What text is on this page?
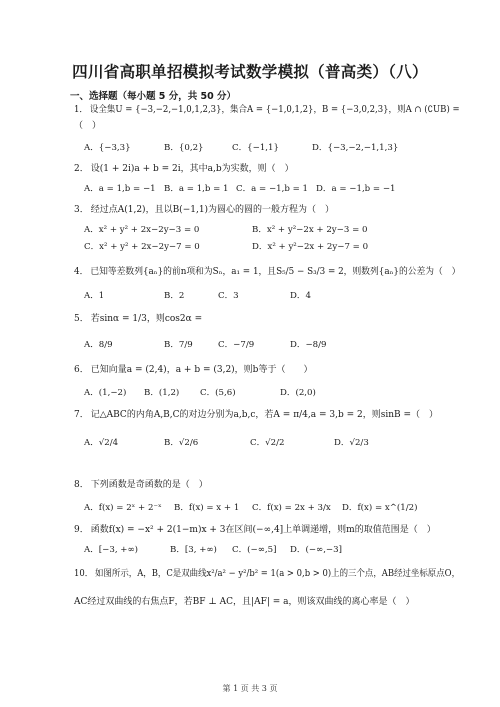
四川省高职单招模拟考试数学模拟（普高类）（八）
一、选择题（每小题 5 分，共 50 分）
1． 设全集U = {−3,−2,−1,0,1,2,3}，集合A = {−1,0,1,2}，B = {−3,0,2,3}，则A ∩ (∁UB) =
（　）
A．{−3,3}	B．{0,2}	C．{−1,1}	D．{−3,−2,−1,1,3}
2． 设(1 + 2i)a + b = 2i，其中a,b为实数，则（　）
A．a = 1,b = −1 B．a = 1,b = 1 C．a = −1,b = 1 D．a = −1,b = −1
3． 经过点A(1,2)，且以B(−1,1)为圆心的圆的一般方程为（　）
A．x² + y² + 2x−2y−3 = 0	B．x² + y²−2x + 2y−3 = 0
C．x² + y² + 2x−2y−7 = 0	D．x² + y²−2x + 2y−7 = 0
4． 已知等差数列{aₙ}的前n项和为Sₙ，a₁ = 1，且S₅/5 − S₃/3 = 2，则数列{aₙ}的公差为（　）
A．1	B．2	C．3	D．4
5． 若sinα = 1/3，则cos2α =
A．8/9	B．7/9	C．−7/9	D．−8/9
6． 已知向量a = (2,4)，a + b = (3,2)，则b等于（　　）
A．(1,−2) B．(1,2) C．(5,6)	D．(2,0)
7． 记△ABC的内角A,B,C的对边分别为a,b,c，若A = π/4,a = 3,b = 2，则sinB =（　）
A．√2/4	B．√2/6	C．√2/2	D．√2/3
8． 下列函数是奇函数的是（　）
A．f(x) = 2ˣ + 2⁻ˣ B．f(x) = x + 1 C．f(x) = 2x + 3/x D．f(x) = x^(1/2)
9． 函数f(x) = −x² + 2(1−m)x + 3在区间(−∞,4]上单调递增，则m的取值范围是（　）
A．[−3, +∞)	B．[3, +∞) C．(−∞,5] D．(−∞,−3]
10． 如图所示，A，B，C是双曲线x²/a² − y²/b² = 1(a > 0,b > 0)上的三个点，AB经过坐标原点O，
AC经过双曲线的右焦点F，若BF ⊥ AC，且|AF| = a，则该双曲线的离心率是（　）
第 1 页 共 3 页
